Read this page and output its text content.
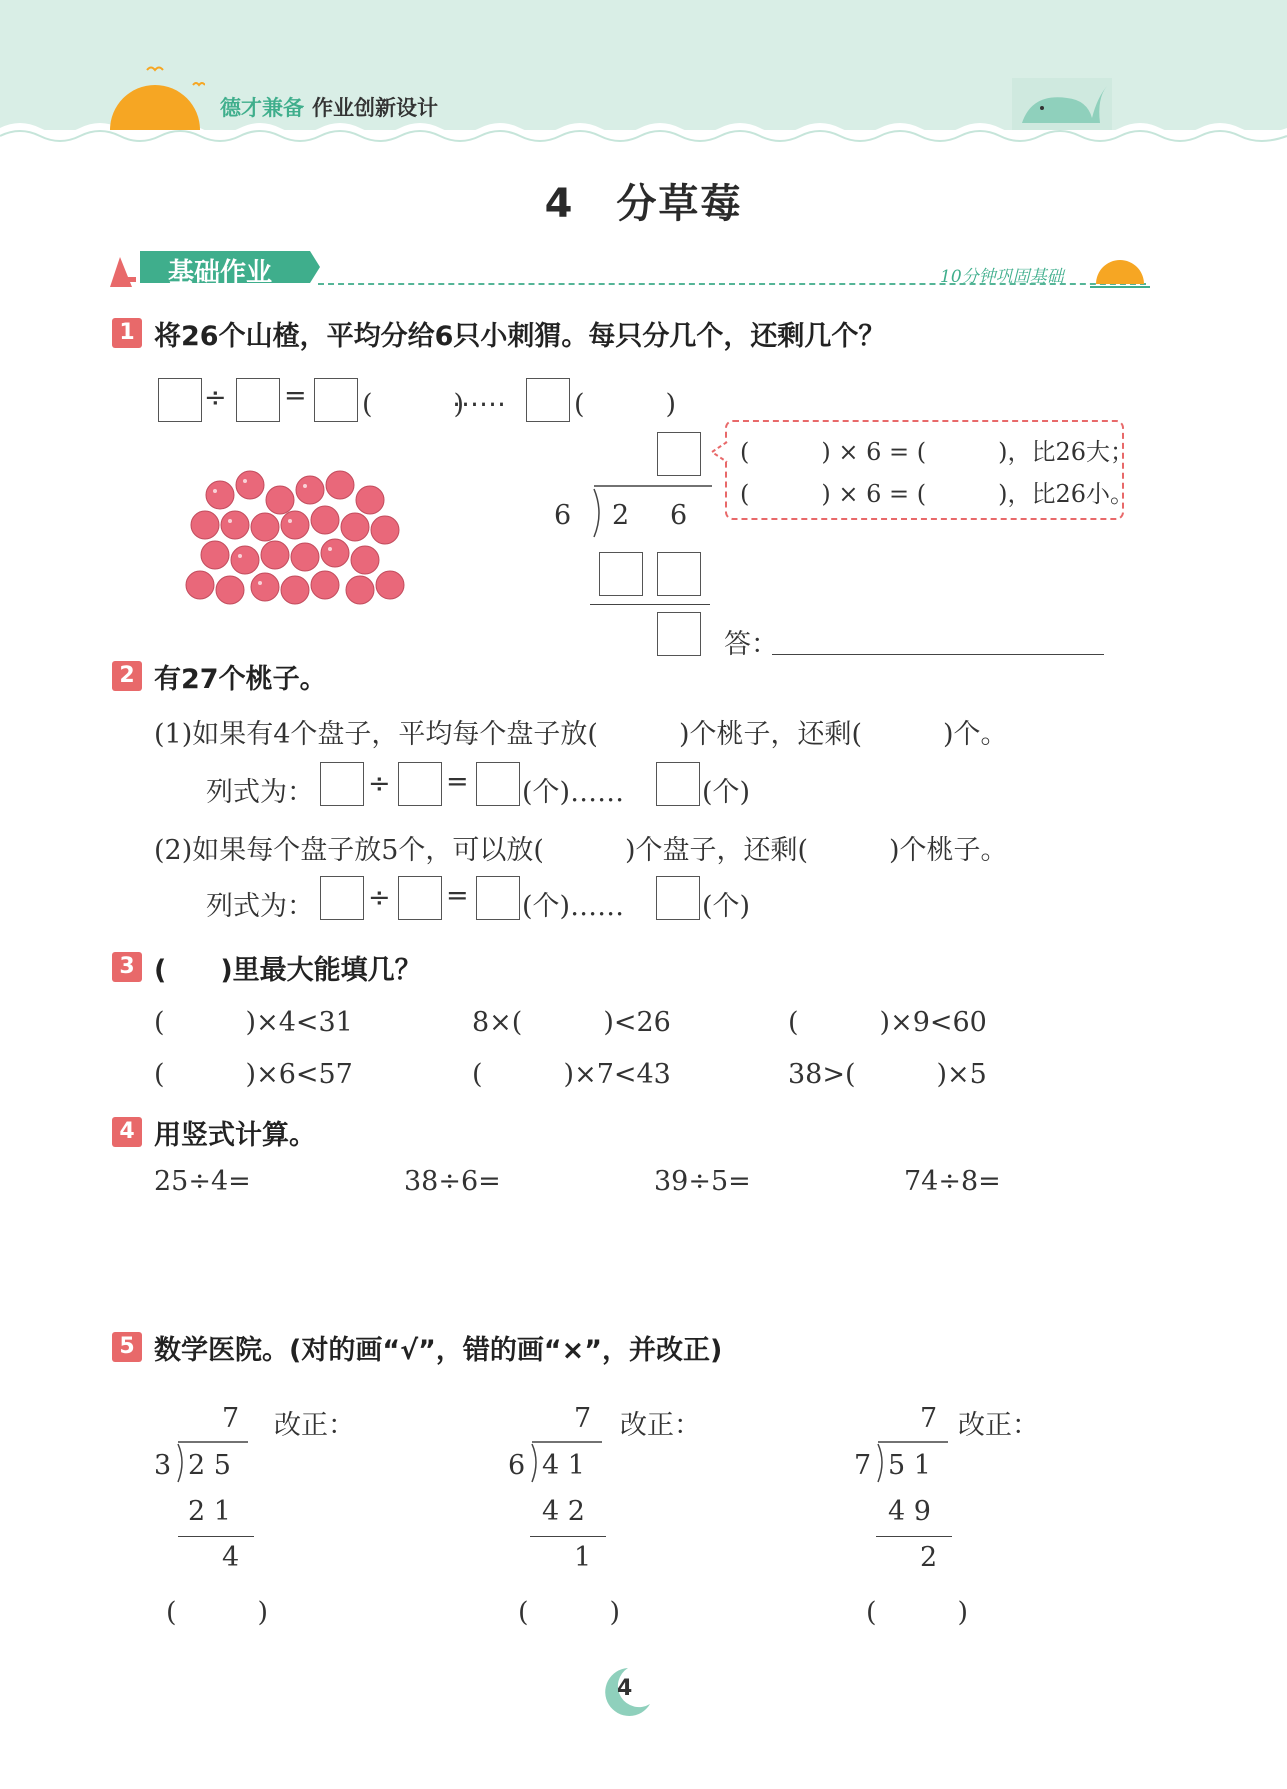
德才兼备 作业创新设计
4　分草莓
基础作业	10分钟巩固基础
1 将26个山楂，平均分给6只小刺猬。每只分几个，还剩几个？
÷ = (　　　)
……	(　　　)
6 2 6
(　　　) × 6 = (　　　)，比26大；
(　　　) × 6 = (　　　)，比26小。
答：
2 有27个桃子。
(1)如果有4个盘子，平均每个盘子放(　　　)个桃子，还剩(　　　)个。
列式为： ÷ = (个)……	(个)
(2)如果每个盘子放5个，可以放(　　　)个盘子，还剩(　　　)个桃子。
列式为： ÷ = (个)……	(个)
3 (　　)里最大能填几？
(　　　)×4<31	8×(　　　)<26	(　　　)×9<60
(　　　)×6<57	(　　　)×7<43	38>(　　　)×5
4 用竖式计算。
25÷4=	38÷6=	39÷5=	74÷8=
5 数学医院。(对的画“√”，错的画“×”，并改正)
7 改正：
3 2 5
2 1
4
(　　　)
7 改正：
6 4 1
4 2
1
(　　　)
7 改正：
7 5 1
4 9
2
(　　　)
4
